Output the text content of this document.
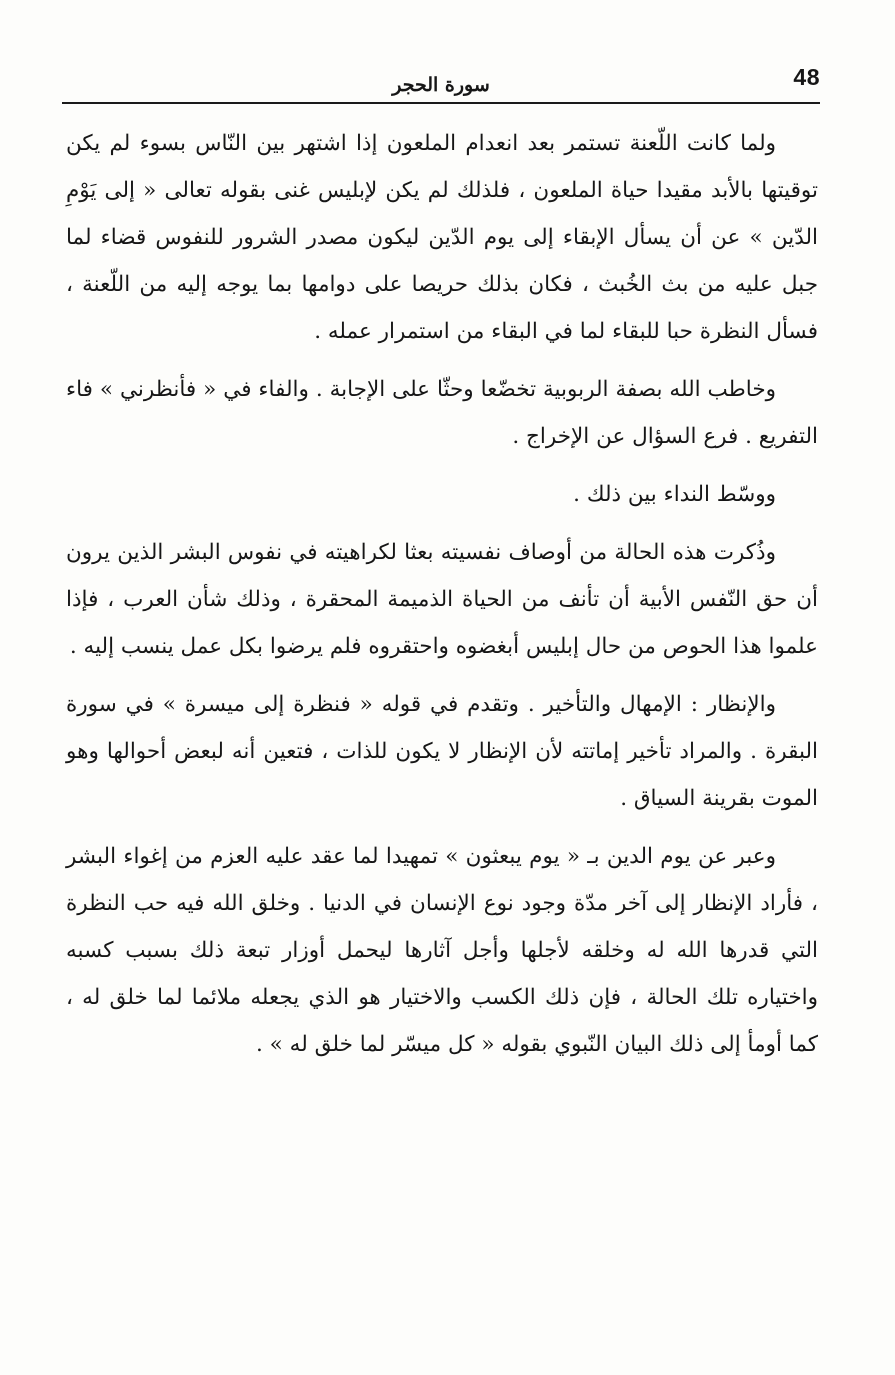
48
سورة الحجر

ولما كانت اللّعنة تستمر بعد انعدام الملعون إذا اشتهر بين النّاس بسوء لم يكن توقيتها بالأبد مقيدا حياة الملعون ، فلذلك لم يكن لإبليس غنى بقوله تعالى « إلى يَوْمِ الدّين » عن أن يسأل الإبقاء إلى يوم الدّين ليكون مصدر الشرور للنفوس قضاء لما جبل عليه من بث الخُبث ، فكان بذلك حريصا على دوامها بما يوجه إليه من اللّعنة ، فسأل النظرة حبا للبقاء لما في البقاء من استمرار عمله .

وخاطب الله بصفة الربوبية تخضّعا وحثّا على الإجابة . والفاء في « فأنظرني » فاء التفريع . فرع السؤال عن الإخراج .

ووسّط النداء بين ذلك .

وذُكرت هذه الحالة من أوصاف نفسيته بعثا لكراهيته في نفوس البشر الذين يرون أن حق النّفس الأبية أن تأنف من الحياة الذميمة المحقرة ، وذلك شأن العرب ، فإذا علموا هذا الحوص من حال إبليس أبغضوه واحتقروه فلم يرضوا بكل عمل ينسب إليه .

والإنظار : الإمهال والتأخير . وتقدم في قوله « فنظرة إلى ميسرة » في سورة البقرة . والمراد تأخير إماتته لأن الإنظار لا يكون للذات ، فتعين أنه لبعض أحوالها وهو الموت بقرينة السياق .

وعبر عن يوم الدين بـ « يوم يبعثون » تمهيدا لما عقد عليه العزم من إغواء البشر ، فأراد الإنظار إلى آخر مدّة وجود نوع الإنسان في الدنيا . وخلق الله فيه حب النظرة التي قدرها الله له وخلقه لأجلها وأجل آثارها ليحمل أوزار تبعة ذلك بسبب كسبه واختياره تلك الحالة ، فإن ذلك الكسب والاختيار هو الذي يجعله ملائما لما خلق له ، كما أومأ إلى ذلك البيان النّبوي بقوله « كل ميسّر لما خلق له » .
